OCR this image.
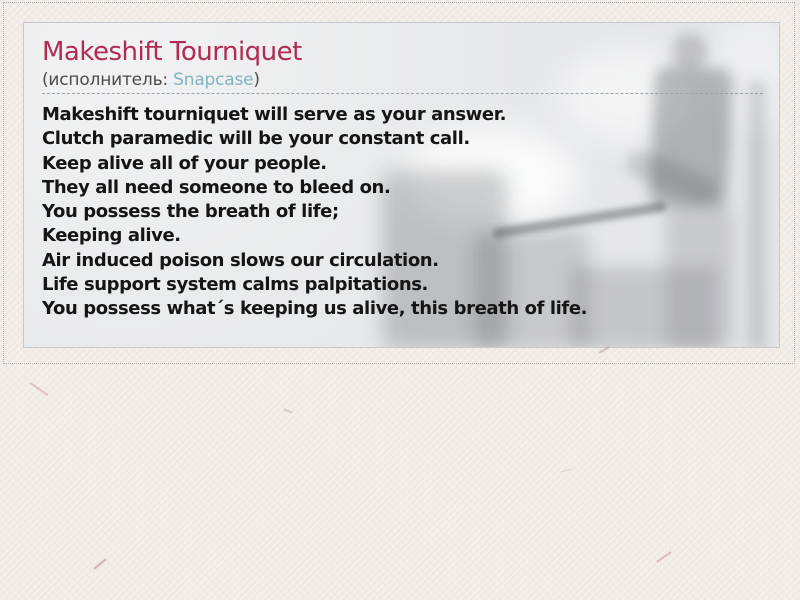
Makeshift Tourniquet
(исполнитель: Snapcase)
Makeshift tourniquet will serve as your answer.
Clutch paramedic will be your constant call.
Keep alive all of your people.
They all need someone to bleed on.
You possess the breath of life;
Keeping alive.
Air induced poison slows our circulation.
Life support system calms palpitations.
You possess what´s keeping us alive, this breath of life.
